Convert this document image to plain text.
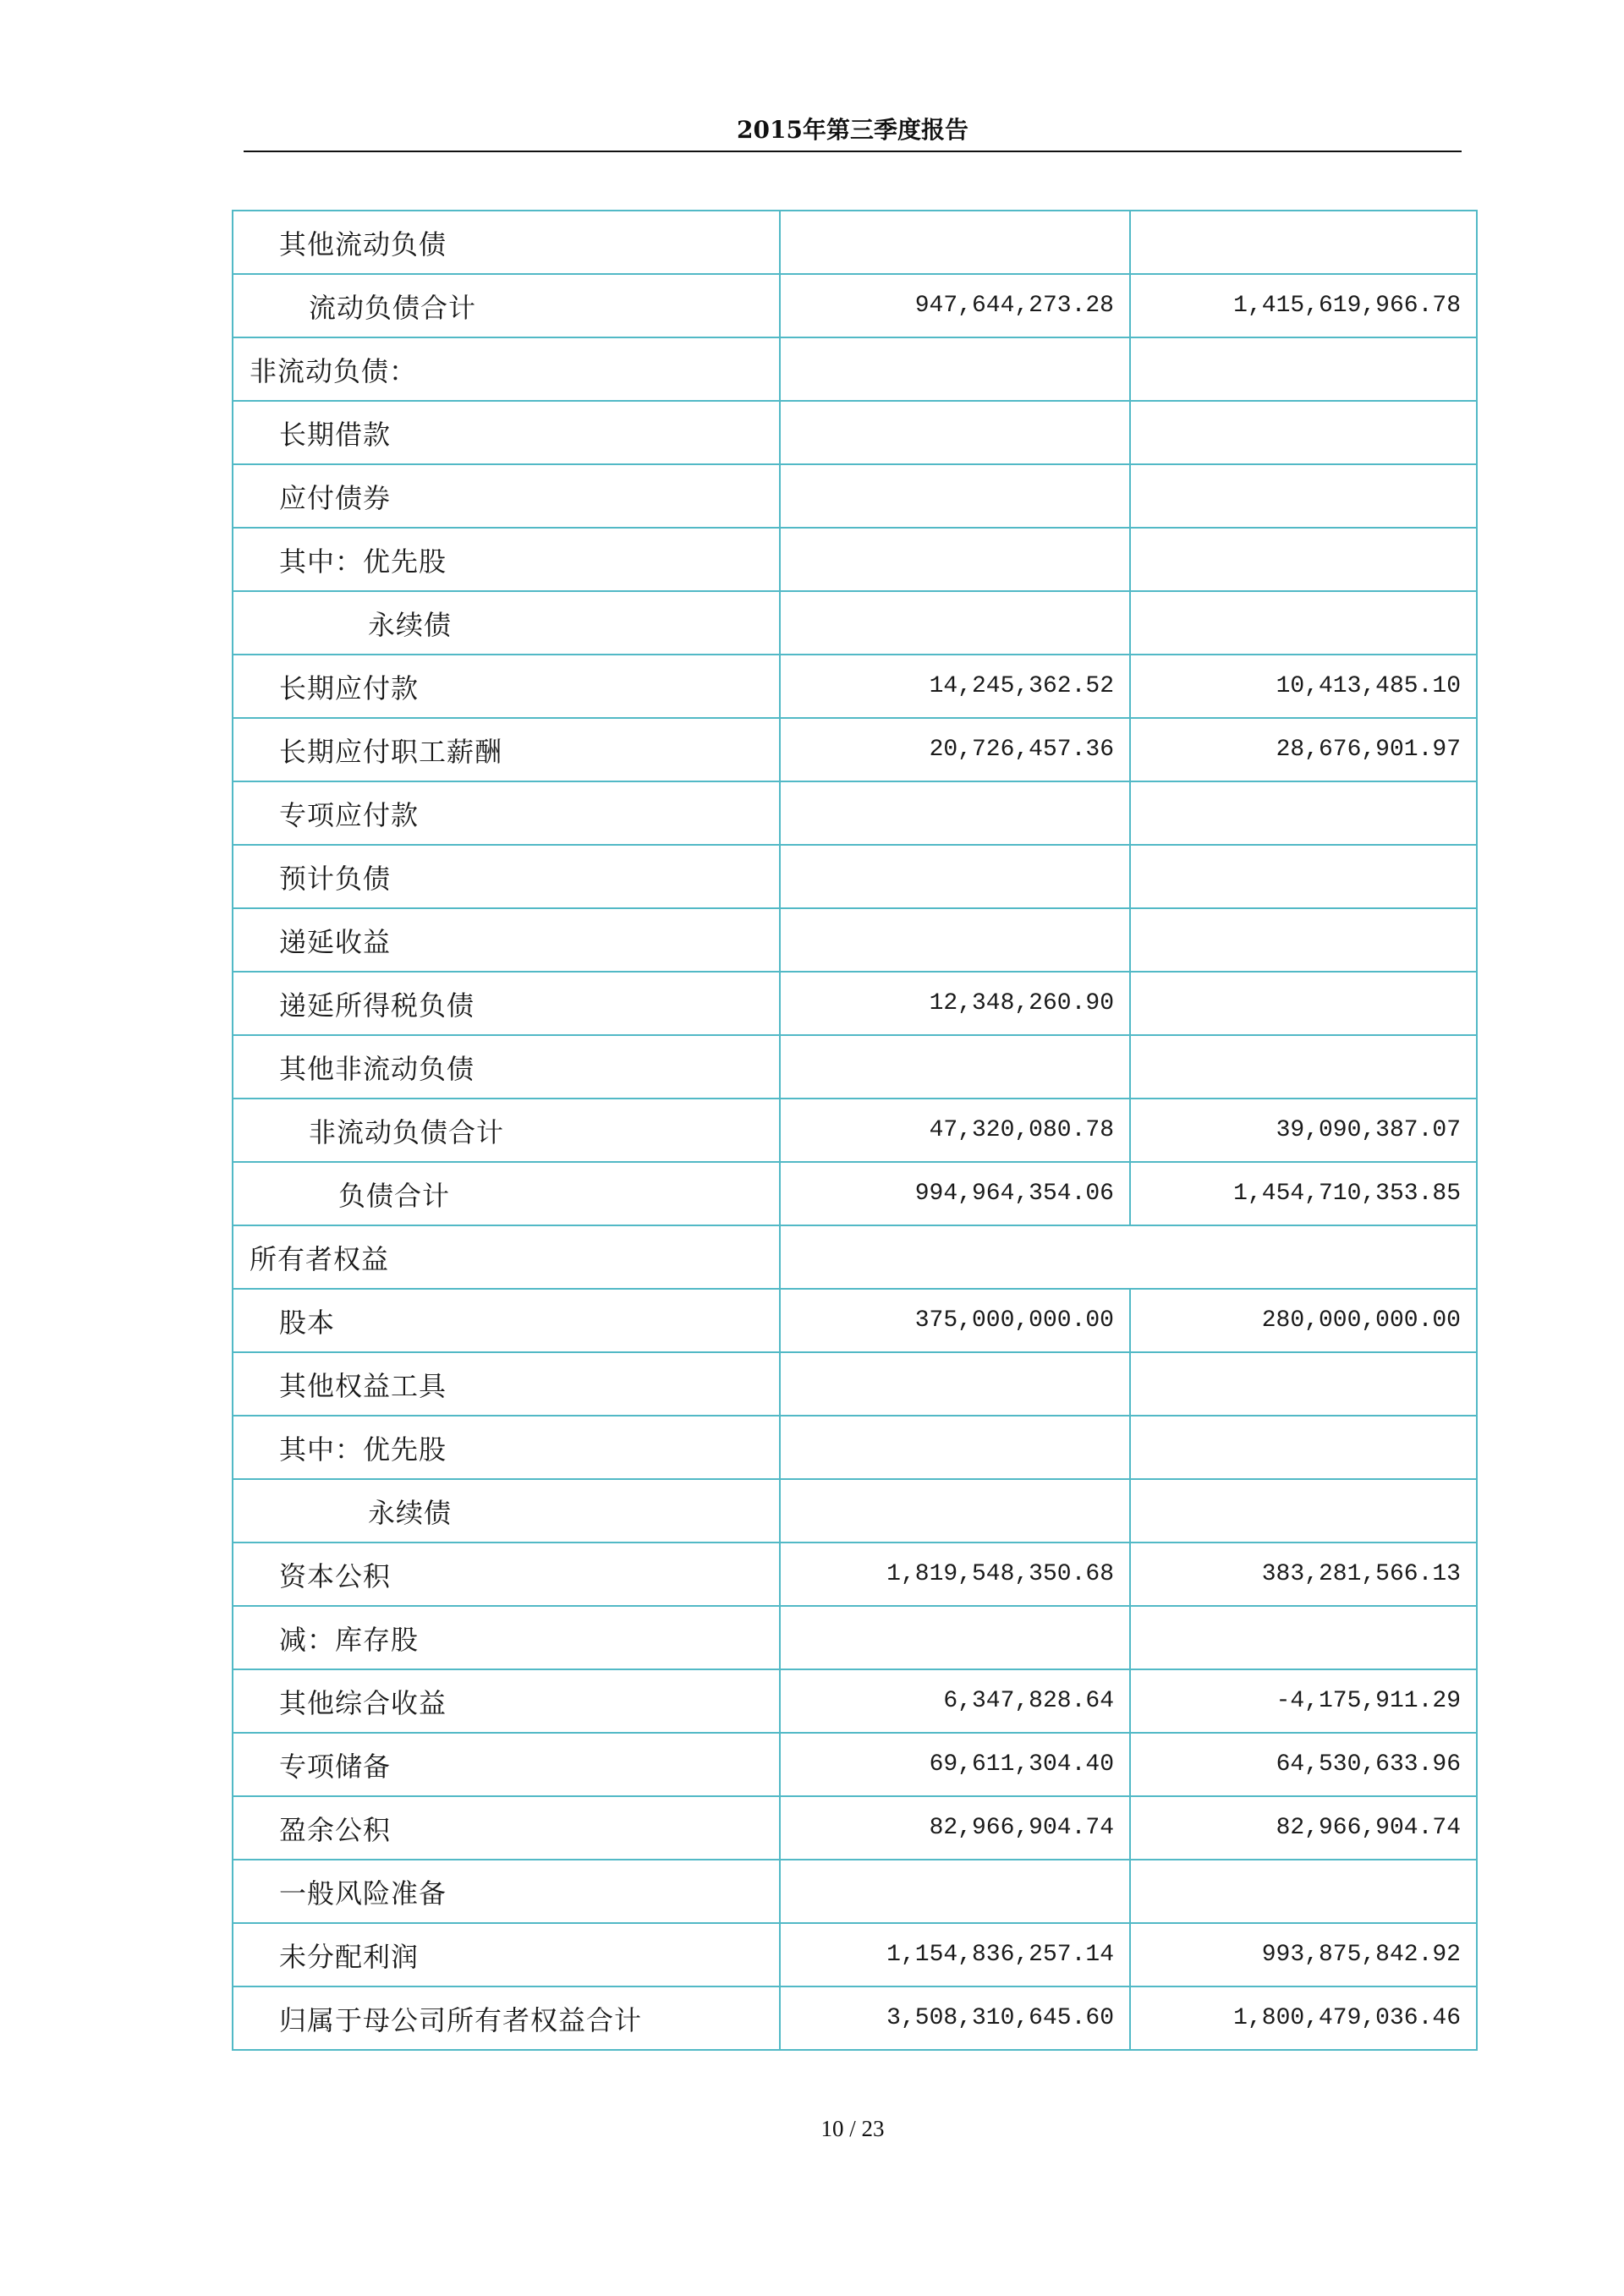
2015年第三季度报告
其他流动负债		
流动负债合计	947,644,273.28	1,415,619,966.78
非流动负债：		
长期借款		
应付债券		
其中：优先股		
永续债		
长期应付款	14,245,362.52	10,413,485.10
长期应付职工薪酬	20,726,457.36	28,676,901.97
专项应付款		
预计负债		
递延收益		
递延所得税负债	12,348,260.90	
其他非流动负债		
非流动负债合计	47,320,080.78	39,090,387.07
负债合计	994,964,354.06	1,454,710,353.85
所有者权益		
股本	375,000,000.00	280,000,000.00
其他权益工具		
其中：优先股		
永续债		
资本公积	1,819,548,350.68	383,281,566.13
减：库存股		
其他综合收益	6,347,828.64	-4,175,911.29
专项储备	69,611,304.40	64,530,633.96
盈余公积	82,966,904.74	82,966,904.74
一般风险准备		
未分配利润	1,154,836,257.14	993,875,842.92
归属于母公司所有者权益合计	3,508,310,645.60	1,800,479,036.46
10 / 23
